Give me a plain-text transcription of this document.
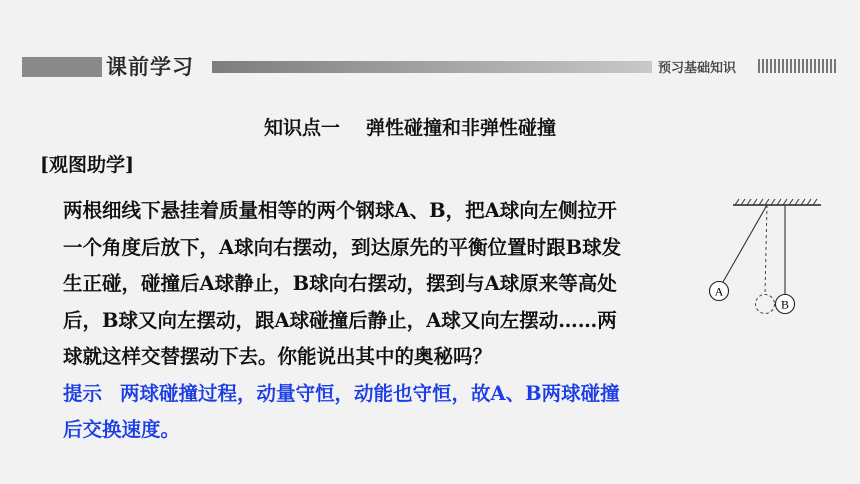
课前学习	预习基础知识
知识点一 弹性碰撞和非弹性碰撞
[观图助学]
两根细线下悬挂着质量相等的两个钢球A、B，把A球向左侧拉开
一个角度后放下，A球向右摆动，到达原先的平衡位置时跟B球发
生正碰，碰撞后A球静止，B球向右摆动，摆到与A球原来等高处
后，B球又向左摆动，跟A球碰撞后静止，A球又向左摆动……两
球就这样交替摆动下去。你能说出其中的奥秘吗？
提示 两球碰撞过程，动量守恒，动能也守恒，故A、B两球碰撞
后交换速度。
A
B
